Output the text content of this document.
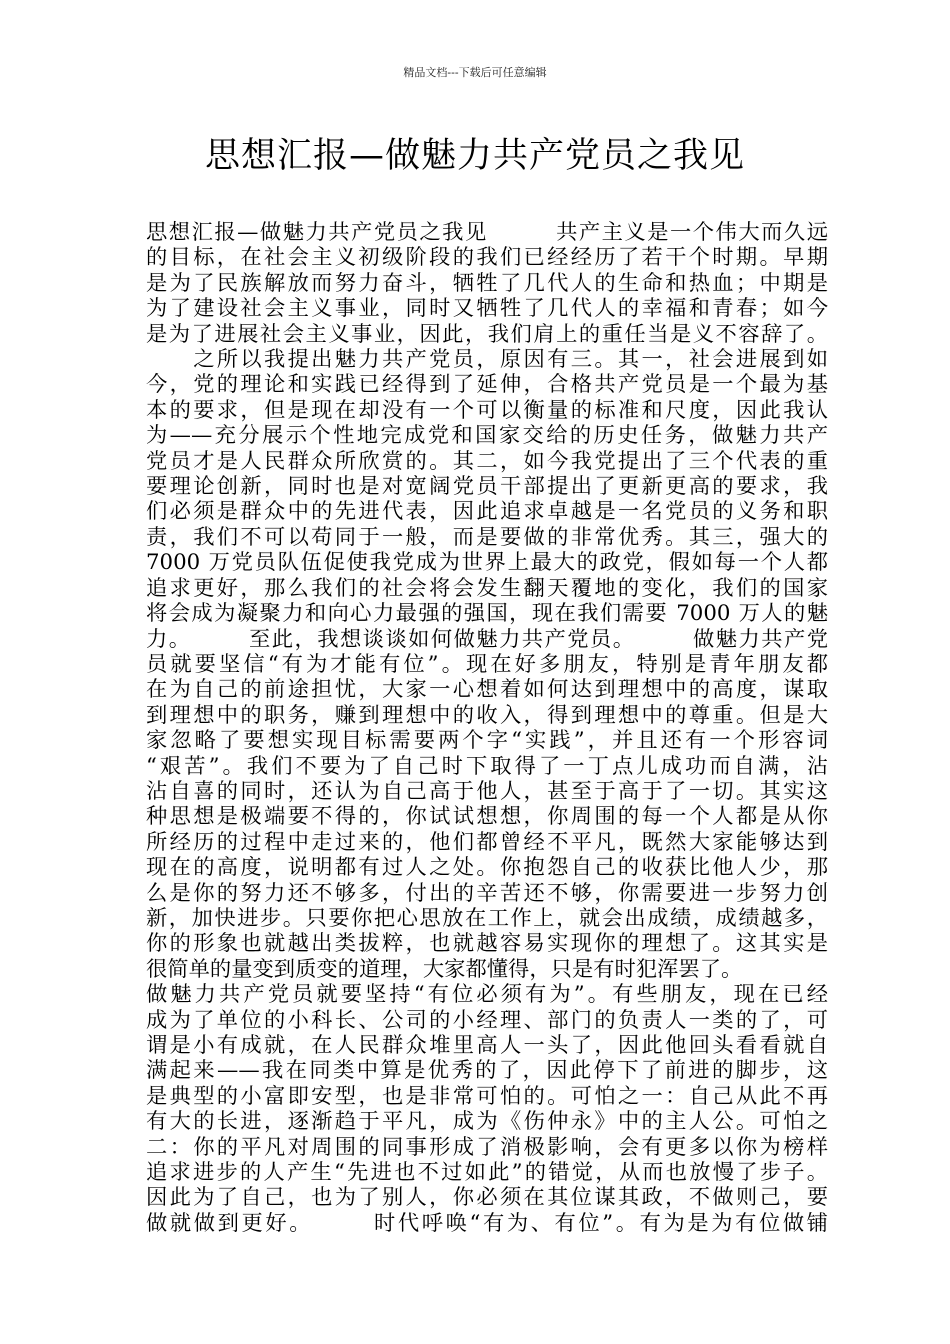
精品文档---下载后可任意编辑
思想汇报—做魅力共产党员之我见
思想汇报—做魅力共产党员之我见　　　共产主义是一个伟大而久远
的目标，在社会主义初级阶段的我们已经经历了若干个时期。早期
是为了民族解放而努力奋斗，牺牲了几代人的生命和热血；中期是
为了建设社会主义事业，同时又牺牲了几代人的幸福和青春；如今
是为了进展社会主义事业，因此，我们肩上的重任当是义不容辞了。
　　之所以我提出魅力共产党员，原因有三。其一，社会进展到如
今，党的理论和实践已经得到了延伸，合格共产党员是一个最为基
本的要求，但是现在却没有一个可以衡量的标准和尺度，因此我认
为——充分展示个性地完成党和国家交给的历史任务，做魅力共产
党员才是人民群众所欣赏的。其二，如今我党提出了三个代表的重
要理论创新，同时也是对宽阔党员干部提出了更新更高的要求，我
们必须是群众中的先进代表，因此追求卓越是一名党员的义务和职
责，我们不可以苟同于一般，而是要做的非常优秀。其三，强大的
7000 万党员队伍促使我党成为世界上最大的政党，假如每一个人都
追求更好，那么我们的社会将会发生翻天覆地的变化，我们的国家
将会成为凝聚力和向心力最强的强国，现在我们需要 7000 万人的魅
力。　　　至此，我想谈谈如何做魅力共产党员。　　　做魅力共产党
员就要坚信“有为才能有位”。现在好多朋友，特别是青年朋友都
在为自己的前途担忧，大家一心想着如何达到理想中的高度，谋取
到理想中的职务，赚到理想中的收入，得到理想中的尊重。但是大
家忽略了要想实现目标需要两个字“实践”，并且还有一个形容词
“艰苦”。我们不要为了自己时下取得了一丁点儿成功而自满，沾
沾自喜的同时，还认为自己高于他人，甚至于高于了一切。其实这
种思想是极端要不得的，你试试想想，你周围的每一个人都是从你
所经历的过程中走过来的，他们都曾经不平凡，既然大家能够达到
现在的高度，说明都有过人之处。你抱怨自己的收获比他人少，那
么是你的努力还不够多，付出的辛苦还不够，你需要进一步努力创
新，加快进步。只要你把心思放在工作上，就会出成绩，成绩越多，
你的形象也就越出类拔粹，也就越容易实现你的理想了。这其实是
很简单的量变到质变的道理，大家都懂得，只是有时犯浑罢了。
做魅力共产党员就要坚持“有位必须有为”。有些朋友，现在已经
成为了单位的小科长、公司的小经理、部门的负责人一类的了，可
谓是小有成就，在人民群众堆里高人一头了，因此他回头看看就自
满起来——我在同类中算是优秀的了，因此停下了前进的脚步，这
是典型的小富即安型，也是非常可怕的。可怕之一：自己从此不再
有大的长进，逐渐趋于平凡，成为《伤仲永》中的主人公。可怕之
二：你的平凡对周围的同事形成了消极影响，会有更多以你为榜样
追求进步的人产生“先进也不过如此”的错觉，从而也放慢了步子。
因此为了自己，也为了别人，你必须在其位谋其政，不做则己，要
做就做到更好。　　　时代呼唤“有为、有位”。有为是为有位做铺
